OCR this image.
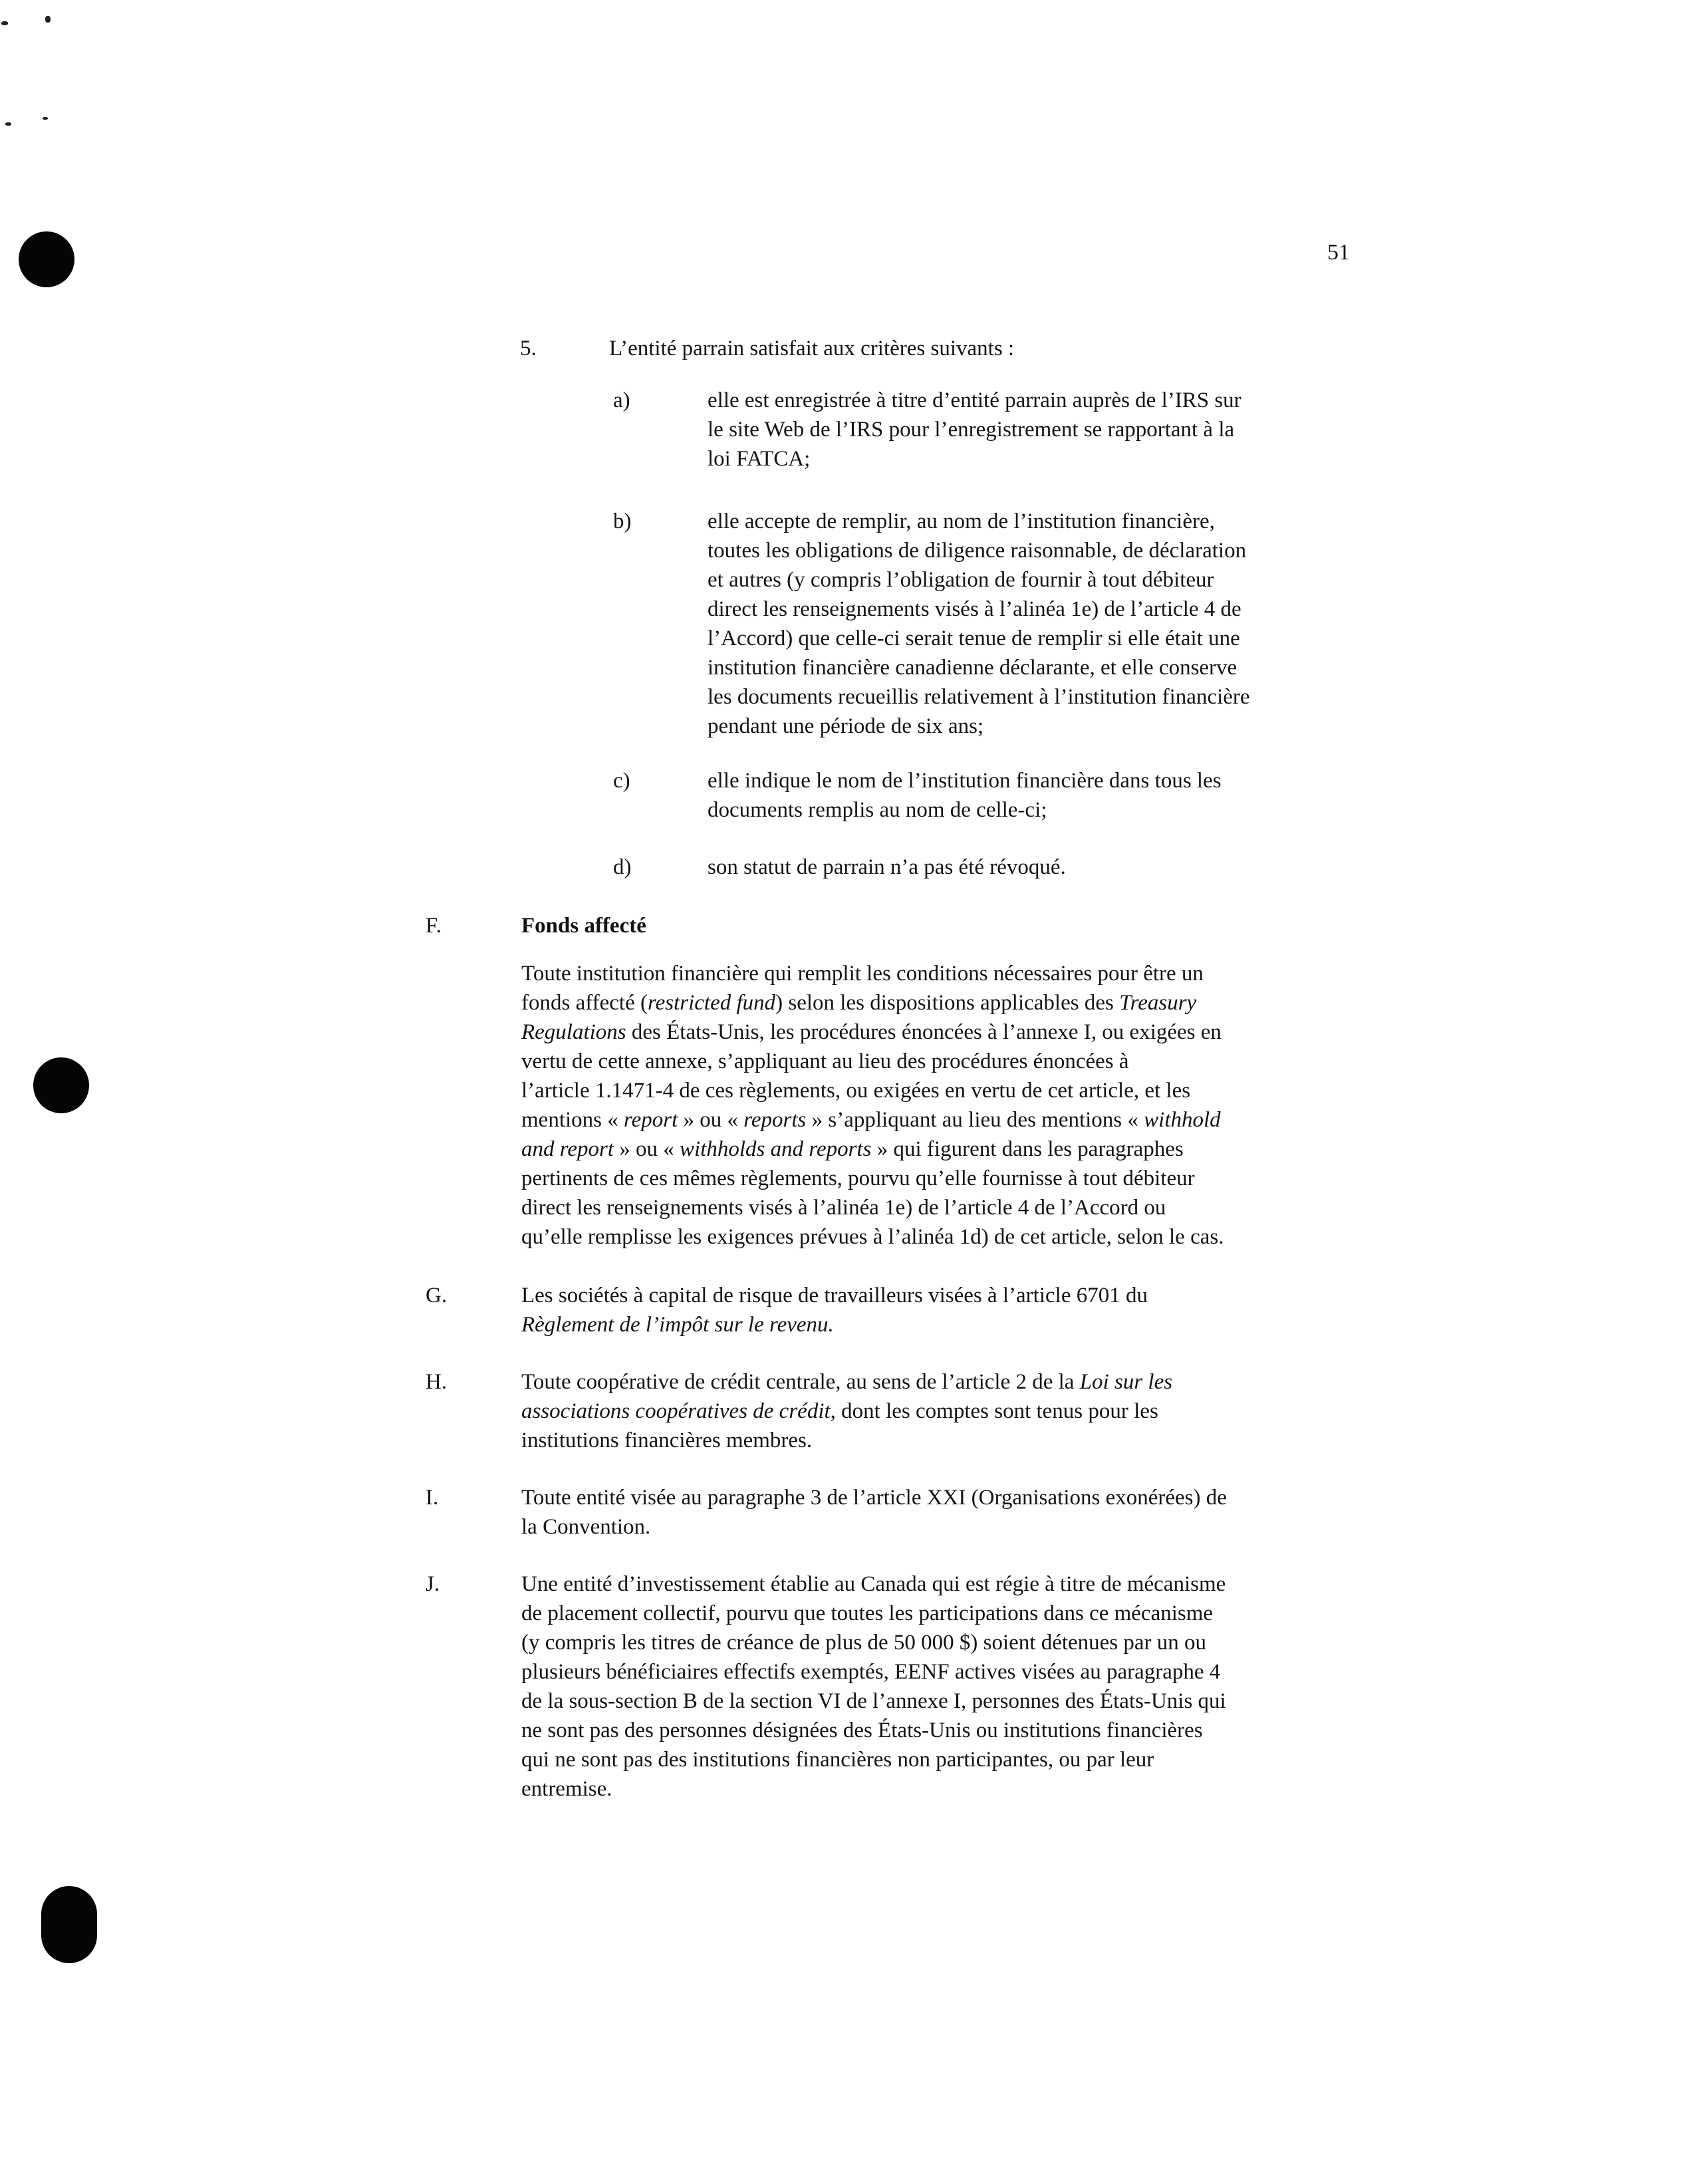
51
5.	L’entité parrain satisfait aux critères suivants :
a)	elle est enregistrée à titre d’entité parrain auprès de l’IRS sur
le site Web de l’IRS pour l’enregistrement se rapportant à la
loi FATCA;
b)	elle accepte de remplir, au nom de l’institution financière,
toutes les obligations de diligence raisonnable, de déclaration
et autres (y compris l’obligation de fournir à tout débiteur
direct les renseignements visés à l’alinéa 1e) de l’article 4 de
l’Accord) que celle-ci serait tenue de remplir si elle était une
institution financière canadienne déclarante, et elle conserve
les documents recueillis relativement à l’institution financière
pendant une période de six ans;
c)	elle indique le nom de l’institution financière dans tous les
documents remplis au nom de celle-ci;
d)	son statut de parrain n’a pas été révoqué.
F.	Fonds affecté
Toute institution financière qui remplit les conditions nécessaires pour être un
fonds affecté (restricted fund) selon les dispositions applicables des Treasury
Regulations des États-Unis, les procédures énoncées à l’annexe I, ou exigées en
vertu de cette annexe, s’appliquant au lieu des procédures énoncées à
l’article 1.1471-4 de ces règlements, ou exigées en vertu de cet article, et les
mentions « report » ou « reports » s’appliquant au lieu des mentions « withhold
and report » ou « withholds and reports » qui figurent dans les paragraphes
pertinents de ces mêmes règlements, pourvu qu’elle fournisse à tout débiteur
direct les renseignements visés à l’alinéa 1e) de l’article 4 de l’Accord ou
qu’elle remplisse les exigences prévues à l’alinéa 1d) de cet article, selon le cas.
G.	Les sociétés à capital de risque de travailleurs visées à l’article 6701 du
Règlement de l’impôt sur le revenu.
H.	Toute coopérative de crédit centrale, au sens de l’article 2 de la Loi sur les
associations coopératives de crédit, dont les comptes sont tenus pour les
institutions financières membres.
I.	Toute entité visée au paragraphe 3 de l’article XXI (Organisations exonérées) de
la Convention.
J.	Une entité d’investissement établie au Canada qui est régie à titre de mécanisme
de placement collectif, pourvu que toutes les participations dans ce mécanisme
(y compris les titres de créance de plus de 50 000 $) soient détenues par un ou
plusieurs bénéficiaires effectifs exemptés, EENF actives visées au paragraphe 4
de la sous-section B de la section VI de l’annexe I, personnes des États-Unis qui
ne sont pas des personnes désignées des États-Unis ou institutions financières
qui ne sont pas des institutions financières non participantes, ou par leur
entremise.
